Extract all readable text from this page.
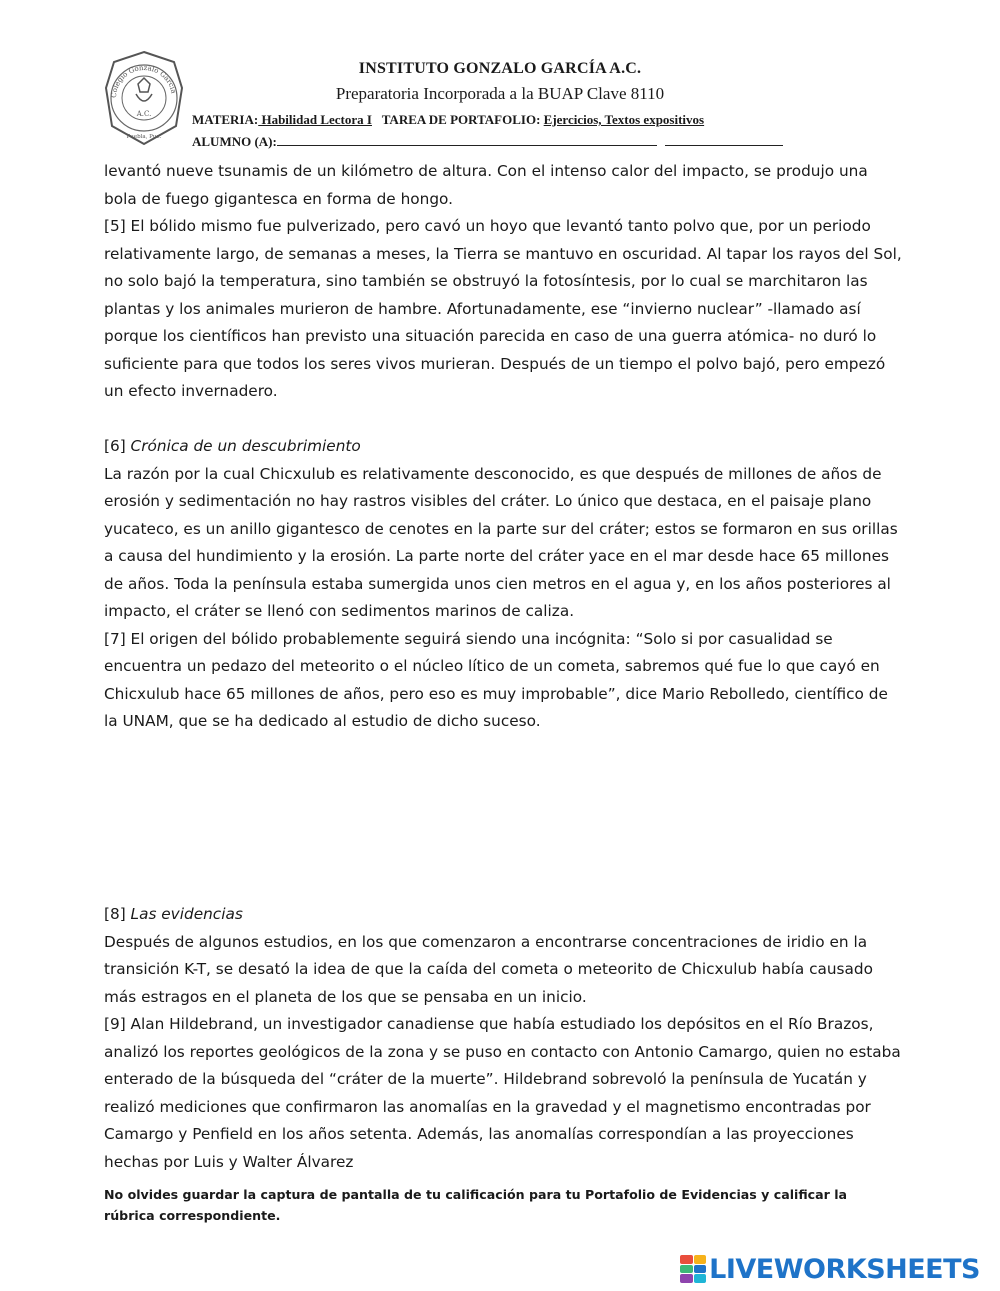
Colegio Gonzalo García
A.C.
Puebla, Pue.
INSTITUTO GONZALO GARCÍA A.C.
Preparatoria Incorporada a la BUAP Clave 8110
MATERIA: Habilidad Lectora I TAREA DE PORTAFOLIO: Ejercicios, Textos expositivos
ALUMNO (A):

levantó nueve tsunamis de un kilómetro de altura. Con el intenso calor del impacto, se produjo una bola de fuego gigantesca en forma de hongo.

[5] El bólido mismo fue pulverizado, pero cavó un hoyo que levantó tanto polvo que, por un periodo relativamente largo, de semanas a meses, la Tierra se mantuvo en oscuridad. Al tapar los rayos del Sol, no solo bajó la temperatura, sino también se obstruyó la fotosíntesis, por lo cual se marchitaron las plantas y los animales murieron de hambre. Afortunadamente, ese “invierno nuclear” -llamado así porque los científicos han previsto una situación parecida en caso de una guerra atómica- no duró lo suficiente para que todos los seres vivos murieran. Después de un tiempo el polvo bajó, pero empezó un efecto invernadero.

[6] Crónica de un descubrimiento

La razón por la cual Chicxulub es relativamente desconocido, es que después de millones de años de erosión y sedimentación no hay rastros visibles del cráter. Lo único que destaca, en el paisaje plano yucateco, es un anillo gigantesco de cenotes en la parte sur del cráter; estos se formaron en sus orillas a causa del hundimiento y la erosión. La parte norte del cráter yace en el mar desde hace 65 millones de años. Toda la península estaba sumergida unos cien metros en el agua y, en los años posteriores al impacto, el cráter se llenó con sedimentos marinos de caliza.

[7] El origen del bólido probablemente seguirá siendo una incógnita: “Solo si por casualidad se encuentra un pedazo del meteorito o el núcleo lítico de un cometa, sabremos qué fue lo que cayó en Chicxulub hace 65 millones de años, pero eso es muy improbable”, dice Mario Rebolledo, científico de la UNAM, que se ha dedicado al estudio de dicho suceso.

[8] Las evidencias

Después de algunos estudios, en los que comenzaron a encontrarse concentraciones de iridio en la transición K-T, se desató la idea de que la caída del cometa o meteorito de Chicxulub había causado más estragos en el planeta de los que se pensaba en un inicio.

[9] Alan Hildebrand, un investigador canadiense que había estudiado los depósitos en el Río Brazos, analizó los reportes geológicos de la zona y se puso en contacto con Antonio Camargo, quien no estaba enterado de la búsqueda del “cráter de la muerte”. Hildebrand sobrevoló la península de Yucatán y realizó mediciones que confirmaron las anomalías en la gravedad y el magnetismo encontradas por Camargo y Penfield en los años setenta. Además, las anomalías correspondían a las proyecciones hechas por Luis y Walter Álvarez

No olvides guardar la captura de pantalla de tu calificación para tu Portafolio de Evidencias y calificar la rúbrica correspondiente.
LIVEWORKSHEETS
